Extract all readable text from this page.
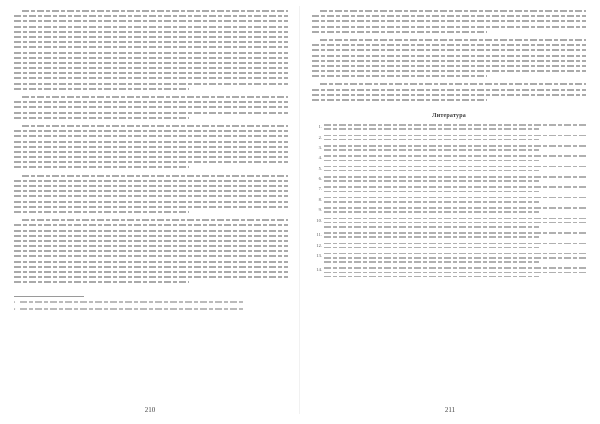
¹
²
210
Литература
1.
2.
3.
4.
5.
6.
7.
8.
9.
10.
11.
12.
13.
14.
211
